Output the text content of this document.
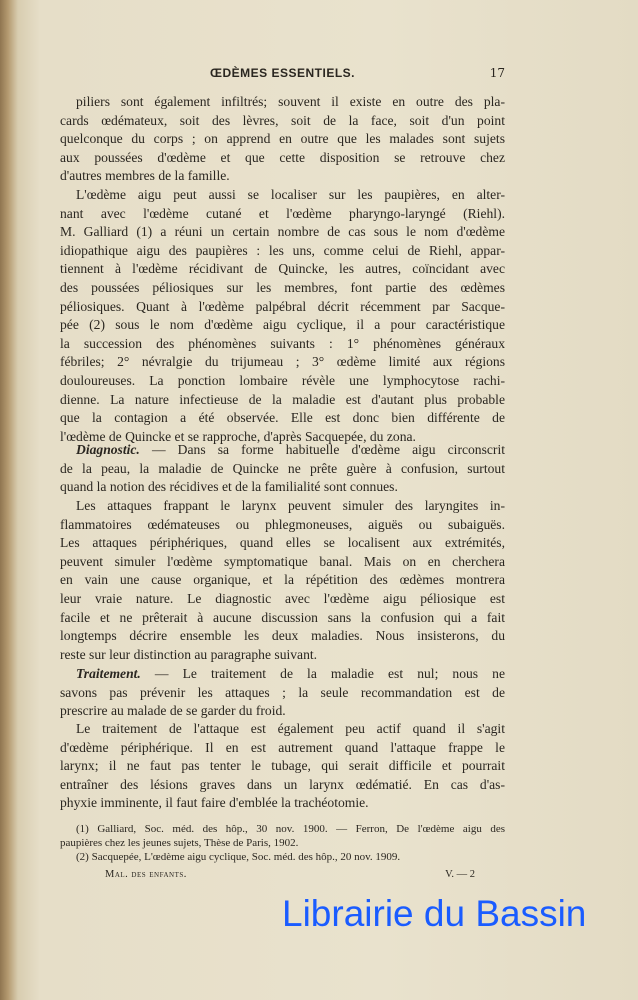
ŒDÈMES ESSENTIELS.	17
piliers sont également infiltrés; souvent il existe en outre des pla-
cards œdémateux, soit des lèvres, soit de la face, soit d'un point
quelconque du corps ; on apprend en outre que les malades sont sujets
aux poussées d'œdème et que cette disposition se retrouve chez
d'autres membres de la famille.
L'œdème aigu peut aussi se localiser sur les paupières, en alter-
nant avec l'œdème cutané et l'œdème pharyngo-laryngé (Riehl).
M. Galliard (1) a réuni un certain nombre de cas sous le nom d'œdème
idiopathique aigu des paupières : les uns, comme celui de Riehl, appar-
tiennent à l'œdème récidivant de Quincke, les autres, coïncidant avec
des poussées péliosiques sur les membres, font partie des œdèmes
péliosiques. Quant à l'œdème palpébral décrit récemment par Sacque-
pée (2) sous le nom d'œdème aigu cyclique, il a pour caractéristique
la succession des phénomènes suivants : 1° phénomènes généraux
fébriles; 2° névralgie du trijumeau ; 3° œdème limité aux régions
douloureuses. La ponction lombaire révèle une lymphocytose rachi-
dienne. La nature infectieuse de la maladie est d'autant plus probable
que la contagion a été observée. Elle est donc bien différente de
l'œdème de Quincke et se rapproche, d'après Sacquepée, du zona.
Diagnostic. — Dans sa forme habituelle d'œdème aigu circonscrit
de la peau, la maladie de Quincke ne prête guère à confusion, surtout
quand la notion des récidives et de la familialité sont connues.
Les attaques frappant le larynx peuvent simuler des laryngites in-
flammatoires œdémateuses ou phlegmoneuses, aiguës ou subaiguës.
Les attaques périphériques, quand elles se localisent aux extrémités,
peuvent simuler l'œdème symptomatique banal. Mais on en cherchera
en vain une cause organique, et la répétition des œdèmes montrera
leur vraie nature. Le diagnostic avec l'œdème aigu péliosique est
facile et ne prêterait à aucune discussion sans la confusion qui a fait
longtemps décrire ensemble les deux maladies. Nous insisterons, du
reste sur leur distinction au paragraphe suivant.
Traitement. — Le traitement de la maladie est nul; nous ne
savons pas prévenir les attaques ; la seule recommandation est de
prescrire au malade de se garder du froid.
Le traitement de l'attaque est également peu actif quand il s'agit
d'œdème périphérique. Il en est autrement quand l'attaque frappe le
larynx; il ne faut pas tenter le tubage, qui serait difficile et pourrait
entraîner des lésions graves dans un larynx œdématié. En cas d'as-
phyxie imminente, il faut faire d'emblée la trachéotomie.
(1) Galliard, Soc. méd. des hôp., 30 nov. 1900. — Ferron, De l'œdème aigu des
paupières chez les jeunes sujets, Thèse de Paris, 1902.
(2) Sacquepée, L'œdème aigu cyclique, Soc. méd. des hôp., 20 nov. 1909.
Mal. des enfants.	V. — 2
Librairie du Bassin
